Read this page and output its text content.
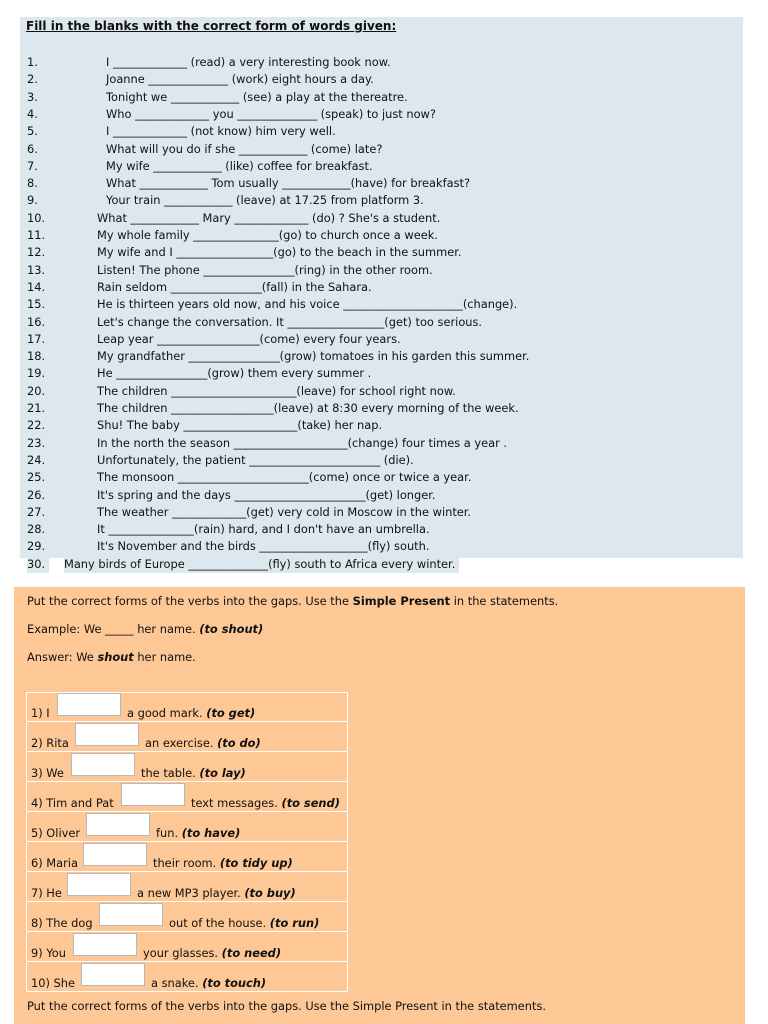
Fill in the blanks with the correct form of words given:
1.	I _____________ (read) a very interesting book now.
2.	Joanne ______________ (work) eight hours a day.
3.	Tonight we ____________ (see) a play at the thereatre.
4.	Who _____________ you ______________ (speak) to just now?
5.	I _____________ (not know) him very well.
6.	What will you do if she ____________ (come) late?
7.	My wife ____________ (like) coffee for breakfast.
8.	What ____________ Tom usually ____________(have) for breakfast?
9.	Your train ____________ (leave) at 17.25 from platform 3.
10.	What ____________ Mary _____________ (do) ? She's a student.
11.	My whole family _______________(go) to church once a week.
12.	My wife and I _________________(go) to the beach in the summer.
13.	Listen! The phone ________________(ring) in the other room.
14.	Rain seldom ________________(fall) in the Sahara.
15.	He is thirteen years old now, and his voice _____________________(change).
16.	Let's change the conversation. It _________________(get) too serious.
17.	Leap year __________________(come) every four years.
18.	My grandfather ________________(grow) tomatoes in his garden this summer.
19.	He ________________(grow) them every summer .
20.	The children ______________________(leave) for school right now.
21.	The children __________________(leave) at 8:30 every morning of the week.
22.	Shu! The baby ____________________(take) her nap.
23.	In the north the season ____________________(change) four times a year .
24.	Unfortunately, the patient _______________________ (die).
25.	The monsoon _______________________(come) once or twice a year.
26.	It's spring and the days _______________________(get) longer.
27.	The weather _____________(get) very cold in Moscow in the winter.
28.	It _______________(rain) hard, and I don't have an umbrella.
29.	It's November and the birds ___________________(fly) south.
30.	Many birds of Europe ______________(fly) south to Africa every winter.
Put the correct forms of the verbs into the gaps. Use the Simple Present in the statements.
Example: We _____ her name. (to shout)
Answer: We shout her name.
1) I	a good mark. (to get)
2) Rita	an exercise. (to do)
3) We	the table. (to lay)
4) Tim and Pat	text messages. (to send)
5) Oliver	fun. (to have)
6) Maria	their room. (to tidy up)
7) He	a new MP3 player. (to buy)
8) The dog	out of the house. (to run)
9) You	your glasses. (to need)
10) She	a snake. (to touch)
Put the correct forms of the verbs into the gaps. Use the Simple Present in the statements.
